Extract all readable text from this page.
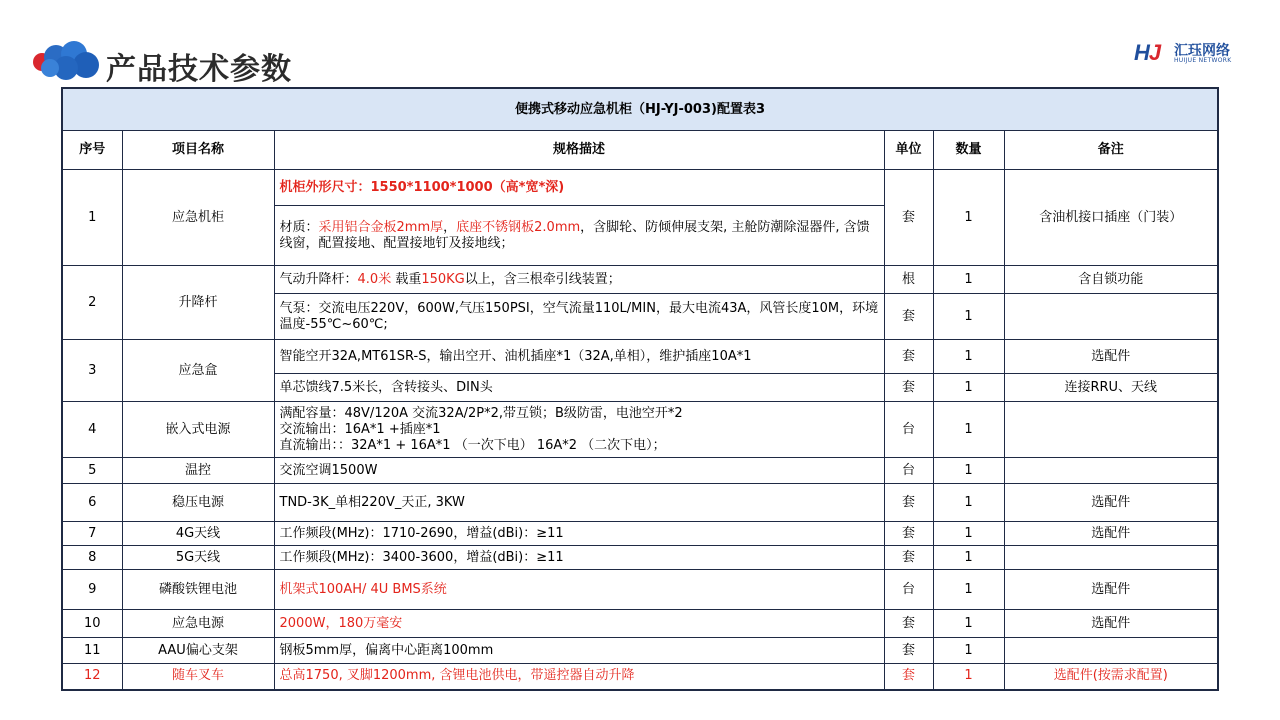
产品技术参数	HJ 汇珏网络
HUIJUE NETWORK
便携式移动应急机柜（HJ-YJ-003)配置表3					
序号	项目名称	规格描述	单位	数量	备注
1	应急机柜	机柜外形尺寸：1550*1100*1000（高*宽*深)	套	1	含油机接口插座（门装）
		材质：采用铝合金板2mm厚，底座不锈钢板2.0mm，含脚轮、防倾伸展支架, 主舱防潮除湿器件, 含馈线窗，配置接地、配置接地钉及接地线；			
2	升降杆	气动升降杆：4.0米 载重150KG以上，含三根牵引线装置；	根	1	含自锁功能
		气泵：交流电压220V，600W,气压150PSI，空气流量110L/MIN，最大电流43A，风管长度10M，环境温度-55℃~60℃;	套	1	
3	应急盒	智能空开32A,MT61SR-S，输出空开、油机插座*1（32A,单相），维护插座10A*1	套	1	选配件
		单芯馈线7.5米长，含转接头、DIN头	套	1	连接RRU、天线
4	嵌入式电源	满配容量：48V/120A 交流32A/2P*2,带互锁；B级防雷，电池空开*2
交流输出：16A*1 +插座*1
直流输出：：32A*1 + 16A*1 （一次下电） 16A*2 （二次下电）；	台	1	
5	温控	交流空调1500W	台	1	
6	稳压电源	TND-3K_单相220V_天正, 3KW	套	1	选配件
7	4G天线	工作频段(MHz)：1710-2690，增益(dBi)：≥11	套	1	选配件
8	5G天线	工作频段(MHz)：3400-3600，增益(dBi)：≥11	套	1	
9	磷酸铁锂电池	机架式100AH/ 4U BMS系统	台	1	选配件
10	应急电源	2000W，180万毫安	套	1	选配件
11	AAU偏心支架	钢板5mm厚，偏离中心距离100mm	套	1	
12	随车叉车	总高1750, 叉脚1200mm, 含锂电池供电，带遥控器自动升降	套	1	选配件(按需求配置)
